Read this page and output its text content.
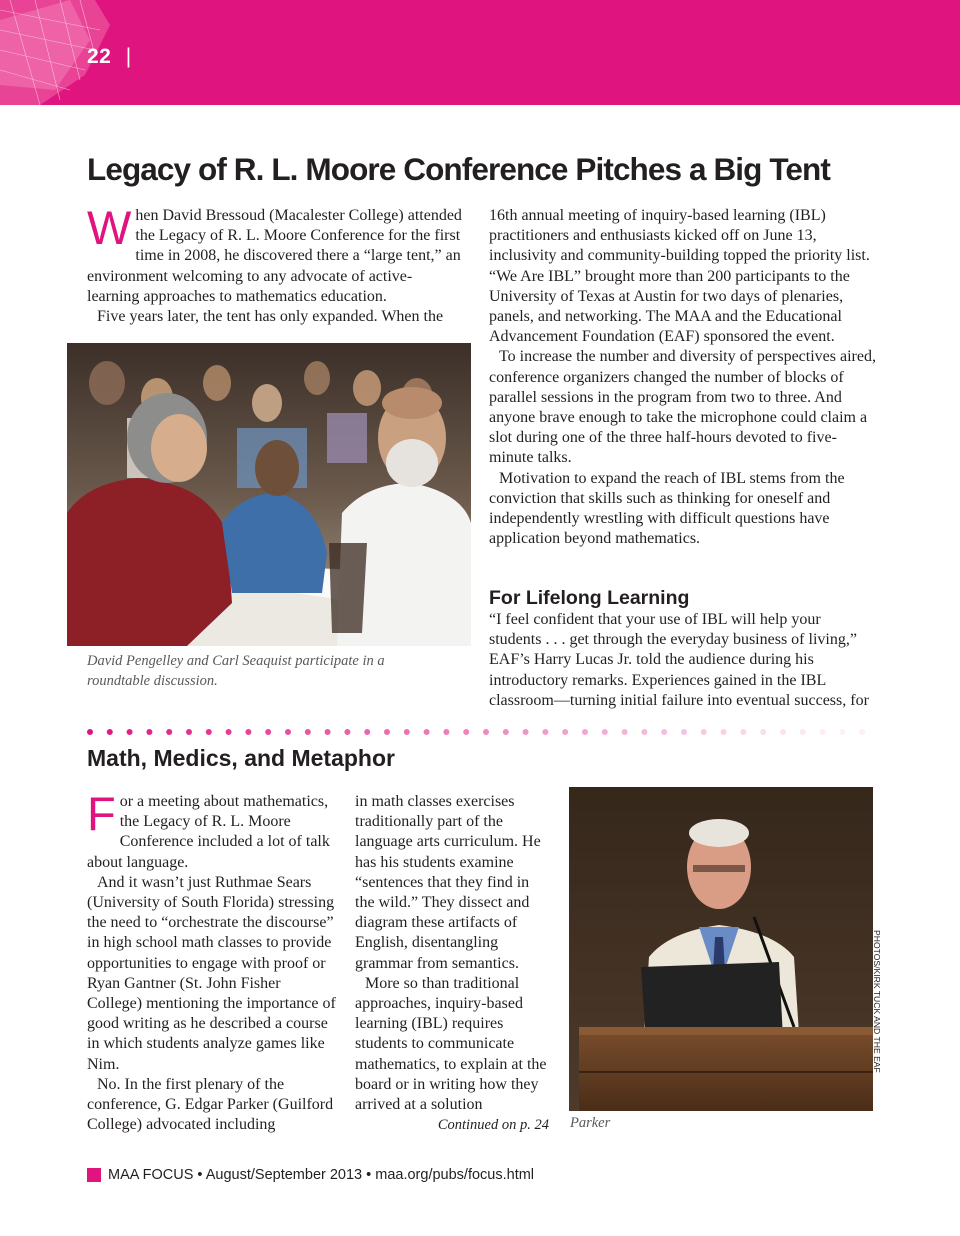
22 |
Legacy of R. L. Moore Conference Pitches a Big Tent

When David Bressoud (Macalester College) attended the Legacy of R. L. Moore Conference for the first time in 2008, he discovered there a “large tent,” an environment welcoming to any advocate of active-learning approaches to mathematics education.

Five years later, the tent has only expanded. When the

David Pengelley and Carl Seaquist participate in a roundtable discussion.

16th annual meeting of inquiry-based learning (IBL) practitioners and enthusiasts kicked off on June 13, inclusivity and community-building topped the priority list. “We Are IBL” brought more than 200 participants to the University of Texas at Austin for two days of plenaries, panels, and networking. The MAA and the Educational Advancement Foundation (EAF) sponsored the event.

To increase the number and diversity of perspectives aired, conference organizers changed the number of blocks of parallel sessions in the program from two to three. And anyone brave enough to take the microphone could claim a slot during one of the three half-hours devoted to five-minute talks.

Motivation to expand the reach of IBL stems from the conviction that skills such as thinking for oneself and independently wrestling with difficult questions have application beyond mathematics.

For Lifelong Learning

“I feel confident that your use of IBL will help your students . . . get through the everyday business of living,” EAF’s Harry Lucas Jr. told the audience during his introductory remarks. Experiences gained in the IBL classroom—turning initial failure into eventual success, for

Math, Medics, and Metaphor

For a meeting about mathematics, the Legacy of R. L. Moore Conference included a lot of talk about language.

And it wasn’t just Ruthmae Sears (University of South Florida) stressing the need to “orchestrate the discourse” in high school math classes to provide opportunities to engage with proof or Ryan Gantner (St. John Fisher College) mentioning the importance of good writing as he described a course in which students analyze games like Nim.

No. In the first plenary of the conference, G. Edgar Parker (Guilford College) advocated including

in math classes exercises traditionally part of the language arts curriculum. He has his students examine “sentences that they find in the wild.” They dissect and diagram these artifacts of English, disentangling grammar from semantics.

More so than traditional approaches, inquiry-based learning (IBL) requires students to communicate mathematics, to explain at the board or in writing how they arrived at a solution

Continued on p. 24 Parker
PHOTOS/KIRK TUCK AND THE EAF
MAA FOCUS • August/September 2013 • maa.org/pubs/focus.html
